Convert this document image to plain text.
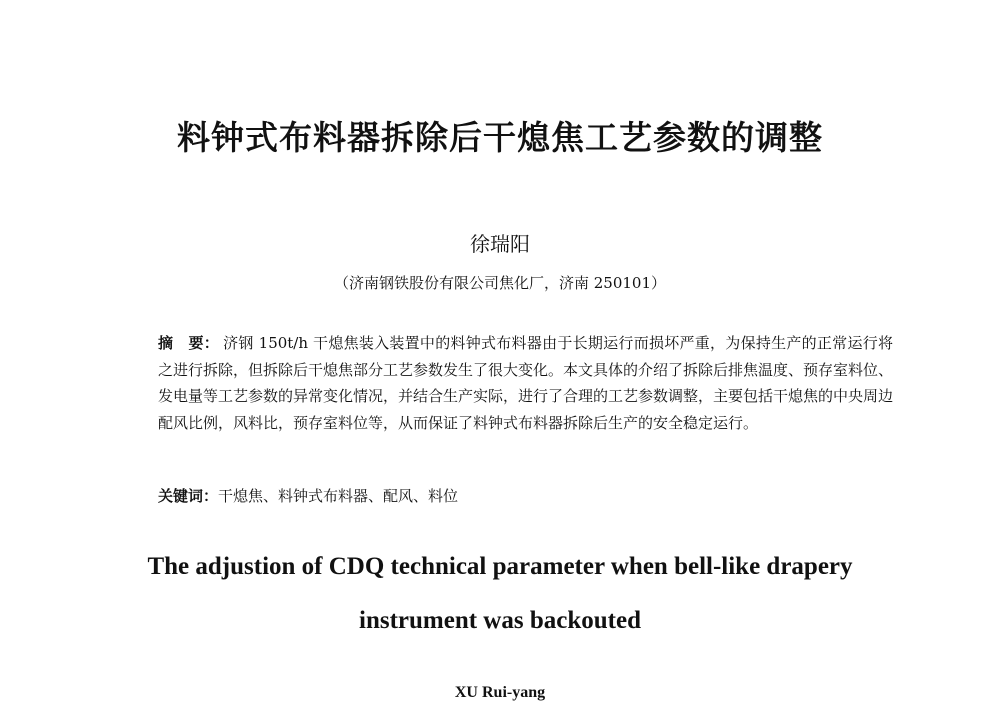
料钟式布料器拆除后干熄焦工艺参数的调整

徐瑞阳

（济南钢铁股份有限公司焦化厂，济南 250101）

摘　要： 济钢 150t/h 干熄焦装入装置中的料钟式布料器由于长期运行而损坏严重，为保持生产的正常运行将之进行拆除，但拆除后干熄焦部分工艺参数发生了很大变化。本文具体的介绍了拆除后排焦温度、预存室料位、发电量等工艺参数的异常变化情况，并结合生产实际，进行了合理的工艺参数调整，主要包括干熄焦的中央周边配风比例，风料比，预存室料位等，从而保证了料钟式布料器拆除后生产的安全稳定运行。

关键词：干熄焦、料钟式布料器、配风、料位

The adjustion of CDQ technical parameter when bell-like drapery
instrument was backouted

XU Rui-yang
